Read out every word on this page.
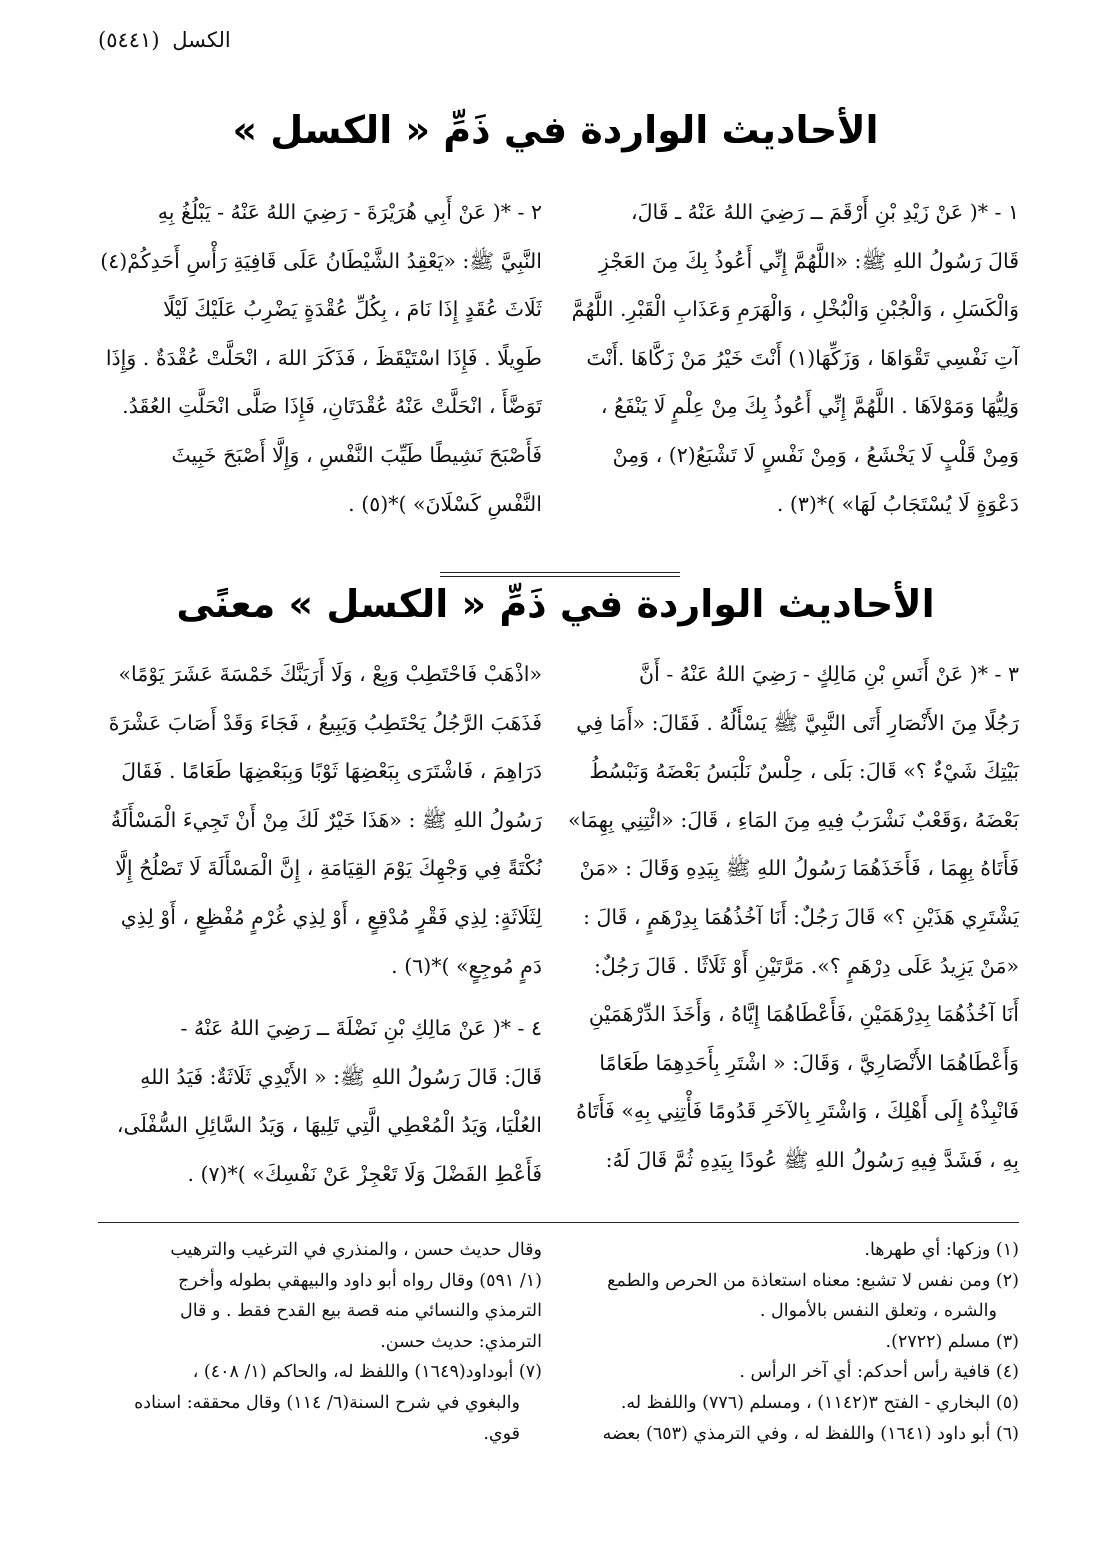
الكسل (٥٤٤١)
الأحاديث الواردة في ذَمِّ « الكسل »

١ - *( عَنْ زَيْدِ بْنِ أَرْقَمَ ــ رَضِيَ اللهُ عَنْهُ ـ قَالَ،

قَالَ رَسُولُ اللهِ ﷺ: «اللَّهُمَّ إِنِّي أَعُوذُ بِكَ مِنَ العَجْزِ

وَالْكَسَلِ ، وَالْجُبْنِ وَالْبُخْلِ ، وَالْهَرَمِ وَعَذَابِ الْقَبْرِ. اللَّهُمَّ

آتِ نَفْسِي تَقْوَاهَا ، وَزَكِّهَا(١) أَنْتَ خَيْرُ مَنْ زَكَّاهَا .أَنْتَ

وَلِيُّهَا وَمَوْلاَهَا . اللَّهُمَّ إِنِّي أَعُوذُ بِكَ مِنْ عِلْمٍ لَا يَنْفَعُ ،

وَمِنْ قَلْبٍ لَا يَخْشَعُ ، وَمِنْ نَفْسٍ لَا تَشْبَعُ(٢) ، وَمِنْ

دَعْوَةٍ لَا يُسْتَجَابُ لَهَا» )*(٣) .

٢ - *( عَنْ أَبِي هُرَيْرَةَ - رَضِيَ اللهُ عَنْهُ - يَبْلُغُ بِهِ

النَّبِيَّ ﷺ: «يَعْقِدُ الشَّيْطَانُ عَلَى قَافِيَةِ رَأْسِ أَحَدِكُمْ(٤)

ثَلَاثَ عُقَدٍ إِذَا نَامَ ، بِكُلِّ عُقْدَةٍ يَضْرِبُ عَلَيْكَ لَيْلًا

طَوِيلًا . فَإِذَا اسْتَيْقَظَ ، فَذَكَرَ اللهَ ، انْحَلَّتْ عُقْدَةٌ . وَإِذَا

تَوَضَّأَ ، انْحَلَّتْ عَنْهُ عُقْدَتَانِ، فَإِذَا صَلَّى انْحَلَّتِ العُقَدُ.

فَأَصْبَحَ نَشِيطًا طَيِّبَ النَّفْسِ ، وَإِلَّا أَصْبَحَ خَبِيثَ

النَّفْسِ كَسْلَانَ» )*(٥) .

الأحاديث الواردة في ذَمِّ « الكسل » معنًى

٣ - *( عَنْ أَنَسِ بْنِ مَالِكٍ - رَضِيَ اللهُ عَنْهُ - أَنَّ

رَجُلًا مِنَ الأَنْصَارِ أَتَى النَّبِيَّ ﷺ يَسْأَلُهُ . فَقَالَ: «أَمَا فِي

بَيْتِكَ شَيْءٌ ؟» قَالَ: بَلَى ، حِلْسٌ نَلْبَسُ بَعْضَهُ وَنَبْسُطُ

بَعْضَهُ ،وَقَعْبٌ نَشْرَبُ فِيهِ مِنَ المَاءِ ، قَالَ: «ائْتِنِي بِهِمَا»

فَأَتَاهُ بِهِمَا ، فَأَخَذَهُمَا رَسُولُ اللهِ ﷺ بِيَدِهِ وَقَالَ : «مَنْ

يَشْتَرِي هَذَيْنِ ؟» قَالَ رَجُلٌ: أَنَا آخُذُهُمَا بِدِرْهَمٍ ، قَالَ :

«مَنْ يَزِيدُ عَلَى دِرْهَمٍ ؟». مَرَّتَيْنِ أَوْ ثَلَاثًا . قَالَ رَجُلٌ:

أَنَا آخُذُهُمَا بِدِرْهَمَيْنِ ،فَأَعْطَاهُمَا إِيَّاهُ ، وَأَخَذَ الدِّرْهَمَيْنِ

وَأَعْطَاهُمَا الأَنْصَارِيَّ ، وَقَالَ: « اشْتَرِ بِأَحَدِهِمَا طَعَامًا

فَانْبِذْهُ إِلَى أَهْلِكَ ، وَاشْتَرِ بِالآخَرِ قَدُومًا فَأْتِنِي بِهِ» فَأَتَاهُ

بِهِ ، فَشَدَّ فِيهِ رَسُولُ اللهِ ﷺ عُودًا بِيَدِهِ ثُمَّ قَالَ لَهُ:

«اذْهَبْ فَاحْتَطِبْ وَبِعْ ، وَلَا أَرَيَنَّكَ خَمْسَةَ عَشَرَ يَوْمًا»

فَذَهَبَ الرَّجُلُ يَحْتَطِبُ وَيَبِيعُ ، فَجَاءَ وَقَدْ أَصَابَ عَشْرَةَ

دَرَاهِمَ ، فَاشْتَرَى بِبَعْضِهَا ثَوْبًا وَبِبَعْضِهَا طَعَامًا . فَقَالَ

رَسُولُ اللهِ ﷺ : «هَذَا خَيْرٌ لَكَ مِنْ أَنْ تَجِيءَ الْمَسْأَلَةُ

نُكْتَةً فِي وَجْهِكَ يَوْمَ القِيَامَةِ ، إِنَّ الْمَسْأَلَةَ لَا تَصْلُحُ إِلَّا

لِثَلَاثَةٍ: لِذِي فَقْرٍ مُدْقِعٍ ، أَوْ لِذِي غُرْمٍ مُفْظِعٍ ، أَوْ لِذِي

دَمٍ مُوجِعٍ» )*(٦) .

٤ - *( عَنْ مَالِكِ بْنِ نَضْلَةَ ــ رَضِيَ اللهُ عَنْهُ -

قَالَ: قَالَ رَسُولُ اللهِ ﷺ: « الأَيْدِي ثَلَاثَةٌ: فَيَدُ اللهِ

العُلْيَا، وَيَدُ الْمُعْطِي الَّتِي تَلِيهَا ، وَيَدُ السَّائِلِ السُّفْلَى،

فَأَعْطِ الفَضْلَ وَلَا تَعْجِزْ عَنْ نَفْسِكَ» )*(٧) .

(١) وزكها: أي طهرها.

(٢) ومن نفس لا تشبع: معناه استعاذة من الحرص والطمع

والشره ، وتعلق النفس بالأموال .

(٣) مسلم (٢٧٢٢).

(٤) قافية رأس أحدكم: أي آخر الرأس .

(٥) البخاري - الفتح ٣(١١٤٢) ، ومسلم (٧٧٦) واللفظ له.

(٦) أبو داود (١٦٤١) واللفظ له ، وفي الترمذي (٦٥٣) بعضه

وقال حديث حسن ، والمنذري في الترغيب والترهيب

(١/ ٥٩١) وقال رواه أبو داود والبيهقي بطوله وأخرج

الترمذي والنسائي منه قصة بيع القدح فقط . و قال

الترمذي: حديث حسن.

(٧) أبوداود(١٦٤٩) واللفظ له، والحاكم (١/ ٤٠٨) ،

والبغوي في شرح السنة(٦/ ١١٤) وقال محققه: اسناده

قوي.
